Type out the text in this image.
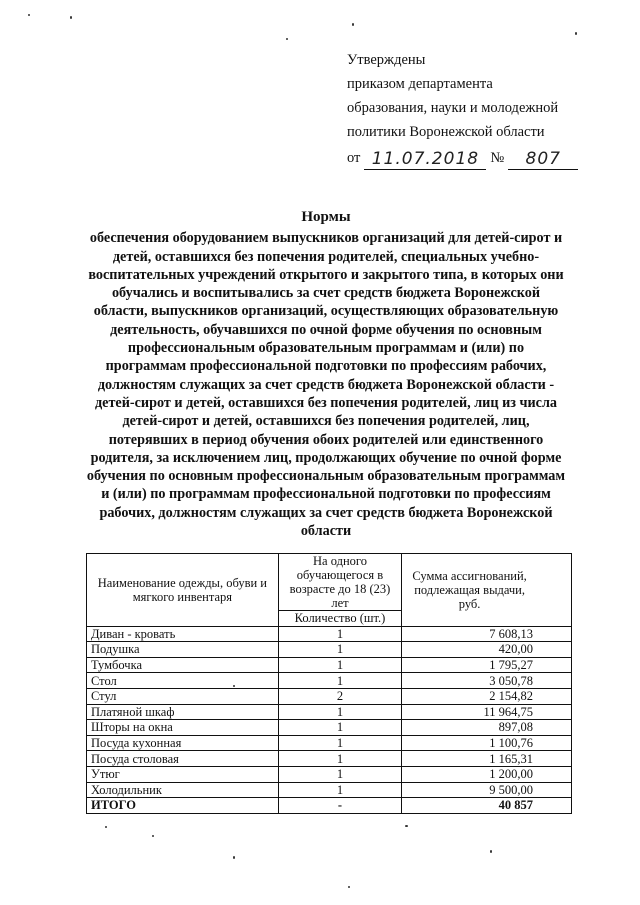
Утверждены
приказом департамента
образования, науки и молодежной
политики Воронежской области
от 11.07.2018 №	807
Нормы
обеспечения оборудованием выпускников организаций для детей-сирот и детей, оставшихся без попечения родителей, специальных учебно-воспитательных учреждений открытого и закрытого типа, в которых они обучались и воспитывались за счет средств бюджета Воронежской области, выпускников организаций, осуществляющих образовательную деятельность, обучавшихся по очной форме обучения по основным профессиональным образовательным программам и (или) по программам профессиональной подготовки по профессиям рабочих, должностям служащих за счет средств бюджета Воронежской области - детей-сирот и детей, оставшихся без попечения родителей, лиц из числа детей-сирот и детей, оставшихся без попечения родителей, лиц, потерявших в период обучения обоих родителей или единственного родителя, за исключением лиц, продолжающих обучение по очной форме обучения по основным профессиональным образовательным программам и (или) по программам профессиональной подготовки по профессиям рабочих, должностям служащих за счет средств бюджета Воронежской области
Наименование одежды, обуви и мягкого инвентаря	На одного обучающегося в возрасте до 18 (23) лет	Сумма ассигнований, подлежащая выдачи, руб.
	Количество (шт.)	
Диван - кровать	1	7 608,13
Подушка	1	420,00
Тумбочка	1	1 795,27
Стол	1	3 050,78
Стул	2	2 154,82
Платяной шкаф	1	11 964,75
Шторы на окна	1	897,08
Посуда кухонная	1	1 100,76
Посуда столовая	1	1 165,31
Утюг	1	1 200,00
Холодильник	1	9 500,00
ИТОГО	-	40 857
